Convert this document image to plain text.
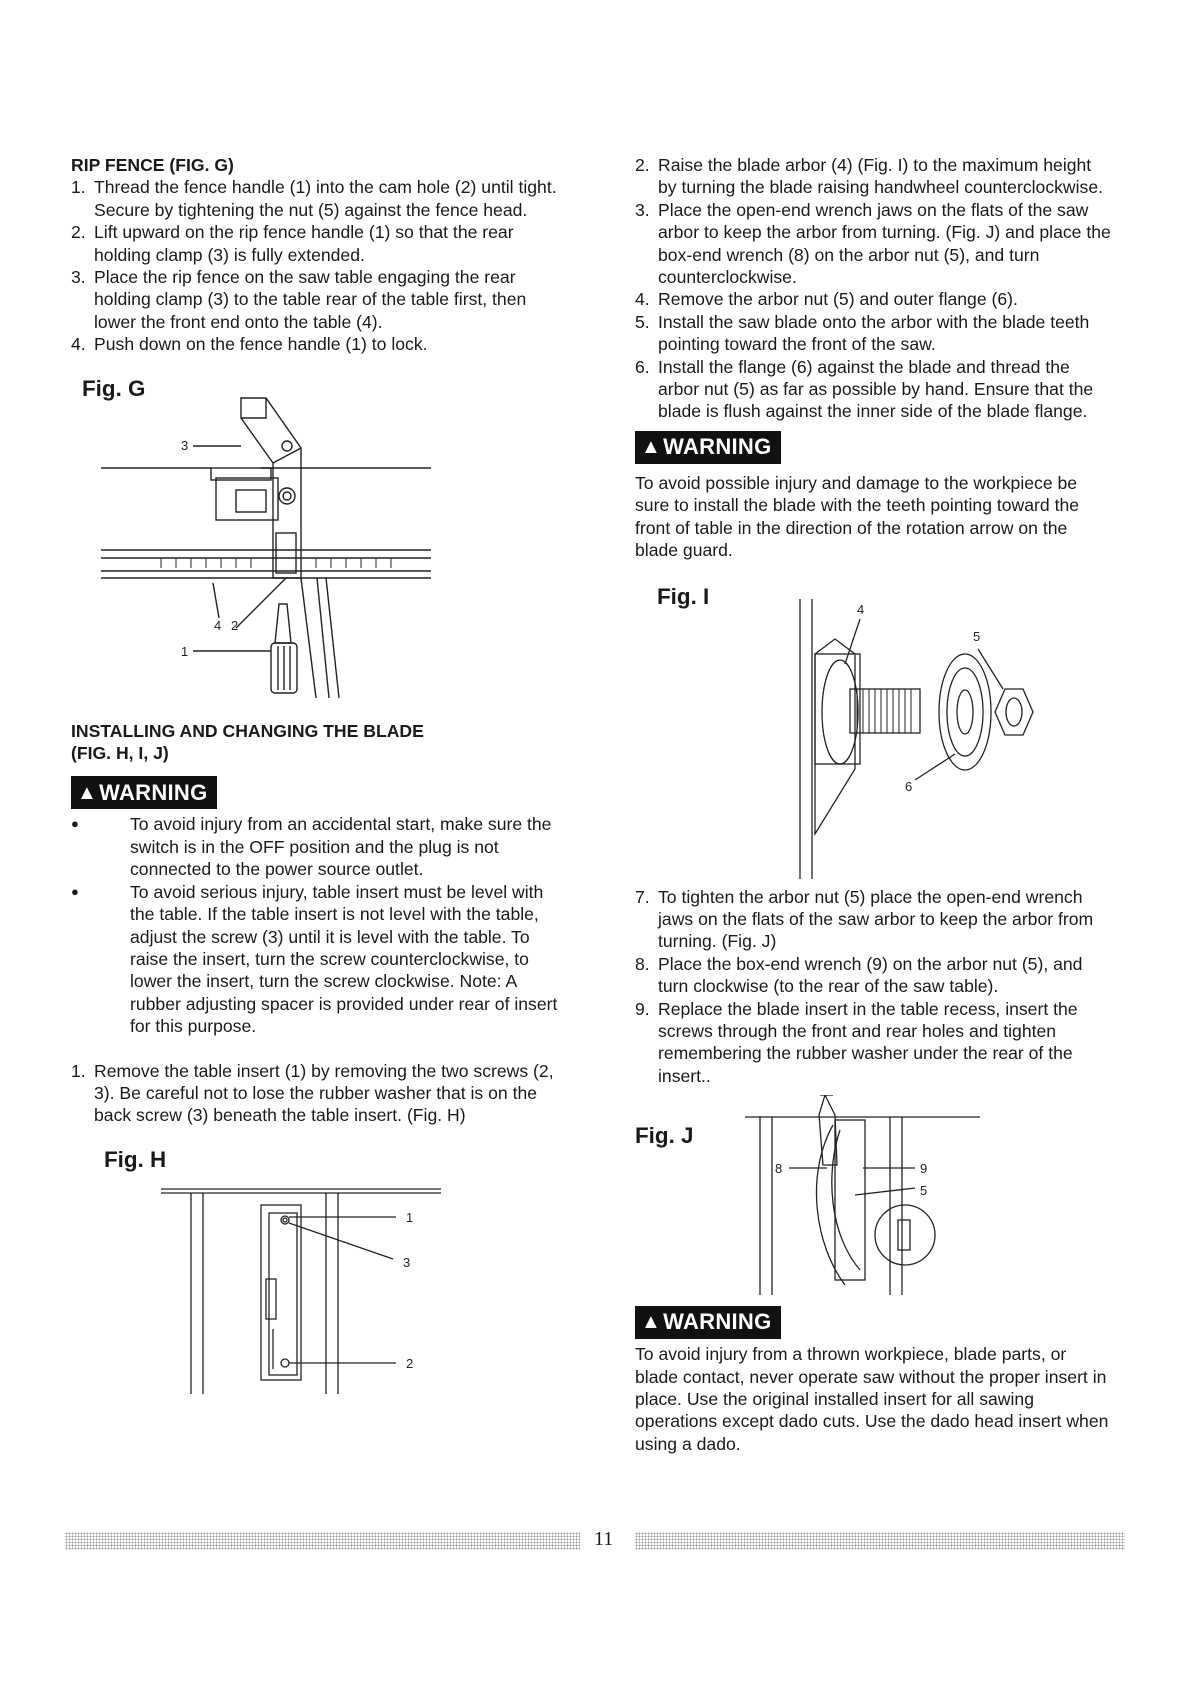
RIP FENCE (FIG. G)
1. Thread the fence handle (1) into the cam hole (2) until tight. Secure by tightening the nut (5) against the fence head.
2. Lift upward on the rip fence handle (1) so that the rear holding clamp (3) is fully extended.
3. Place the rip fence on the saw table engaging the rear holding clamp (3) to the table rear of the table first, then lower the front end onto the table (4).
4. Push down on the fence handle (1) to lock.
Fig. G
3
4 2
1
INSTALLING AND CHANGING THE BLADE
(FIG. H, I, J)
▲ WARNING
● To avoid injury from an accidental start, make sure the switch is in the OFF position and the plug is not connected to the power source outlet.
● To avoid serious injury, table insert must be level with the table. If the table insert is not level with the table, adjust the screw (3) until it is level with the table. To raise the insert, turn the screw counterclockwise, to lower the insert, turn the screw clockwise. Note: A rubber adjusting spacer is provided under rear of insert for this purpose.
1. Remove the table insert (1) by removing the two screws (2, 3). Be careful not to lose the rubber washer that is on the back screw (3) beneath the table insert. (Fig. H)
Fig. H
1
3
2
2. Raise the blade arbor (4) (Fig. I) to the maximum height by turning the blade raising handwheel counterclockwise.
3. Place the open-end wrench jaws on the flats of the saw arbor to keep the arbor from turning. (Fig. J) and place the box-end wrench (8) on the arbor nut (5), and turn counterclockwise.
4. Remove the arbor nut (5) and outer flange (6).
5. Install the saw blade onto the arbor with the blade teeth pointing toward the front of the saw.
6. Install the flange (6) against the blade and thread the arbor nut (5) as far as possible by hand. Ensure that the blade is flush against the inner side of the blade flange.
▲ WARNING

To avoid possible injury and damage to the workpiece be sure to install the blade with the teeth pointing toward the front of table in the direction of the rotation arrow on the blade guard.

Fig. I
4
5
6
7. To tighten the arbor nut (5) place the open-end wrench jaws on the flats of the saw arbor to keep the arbor from turning. (Fig. J)
8. Place the box-end wrench (9) on the arbor nut (5), and turn clockwise (to the rear of the saw table).
9. Replace the blade insert in the table recess, insert the screws through the front and rear holes and tighten remembering the rubber washer under the rear of the insert..
Fig. J
8	9
5
▲ WARNING

To avoid injury from a thrown workpiece, blade parts, or blade contact, never operate saw without the proper insert in place. Use the original installed insert for all sawing operations except dado cuts. Use the dado head insert when using a dado.

11
